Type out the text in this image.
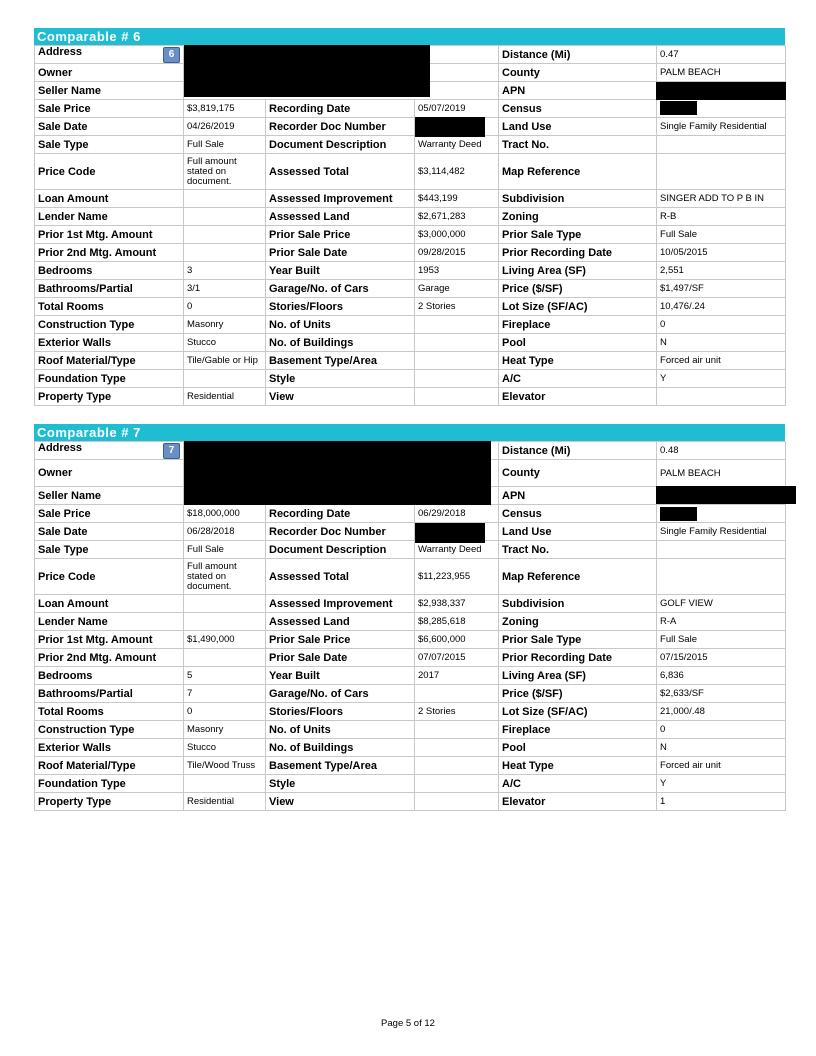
Comparable # 6
Address 6				Distance (Mi)	0.47
Owner				County	PALM BEACH
Seller Name				APN	
Sale Price	$3,819,175	Recording Date	05/07/2019	Census	
Sale Date	04/26/2019	Recorder Doc Number		Land Use	Single Family Residential
Sale Type	Full Sale	Document Description	Warranty Deed	Tract No.	
Price Code	Full amount stated on document.	Assessed Total	$3,114,482	Map Reference	
Loan Amount		Assessed Improvement	$443,199	Subdivision	SINGER ADD TO P B IN
Lender Name		Assessed Land	$2,671,283	Zoning	R-B
Prior 1st Mtg. Amount		Prior Sale Price	$3,000,000	Prior Sale Type	Full Sale
Prior 2nd Mtg. Amount		Prior Sale Date	09/28/2015	Prior Recording Date	10/05/2015
Bedrooms	3	Year Built	1953	Living Area (SF)	2,551
Bathrooms/Partial	3/1	Garage/No. of Cars	Garage	Price ($/SF)	$1,497/SF
Total Rooms	0	Stories/Floors	2 Stories	Lot Size (SF/AC)	10,476/.24
Construction Type	Masonry	No. of Units		Fireplace	0
Exterior Walls	Stucco	No. of Buildings		Pool	N
Roof Material/Type	Tile/Gable or Hip	Basement Type/Area		Heat Type	Forced air unit
Foundation Type		Style		A/C	Y
Property Type	Residential	View		Elevator	
Comparable # 7
Address 7				Distance (Mi)	0.48
Owner				County	PALM BEACH
Seller Name				APN	
Sale Price	$18,000,000	Recording Date	06/29/2018	Census	
Sale Date	06/28/2018	Recorder Doc Number		Land Use	Single Family Residential
Sale Type	Full Sale	Document Description	Warranty Deed	Tract No.	
Price Code	Full amount stated on document.	Assessed Total	$11,223,955	Map Reference	
Loan Amount		Assessed Improvement	$2,938,337	Subdivision	GOLF VIEW
Lender Name		Assessed Land	$8,285,618	Zoning	R-A
Prior 1st Mtg. Amount	$1,490,000	Prior Sale Price	$6,600,000	Prior Sale Type	Full Sale
Prior 2nd Mtg. Amount		Prior Sale Date	07/07/2015	Prior Recording Date	07/15/2015
Bedrooms	5	Year Built	2017	Living Area (SF)	6,836
Bathrooms/Partial	7	Garage/No. of Cars		Price ($/SF)	$2,633/SF
Total Rooms	0	Stories/Floors	2 Stories	Lot Size (SF/AC)	21,000/.48
Construction Type	Masonry	No. of Units		Fireplace	0
Exterior Walls	Stucco	No. of Buildings		Pool	N
Roof Material/Type	Tile/Wood Truss	Basement Type/Area		Heat Type	Forced air unit
Foundation Type		Style		A/C	Y
Property Type	Residential	View		Elevator	1
Page 5 of 12
